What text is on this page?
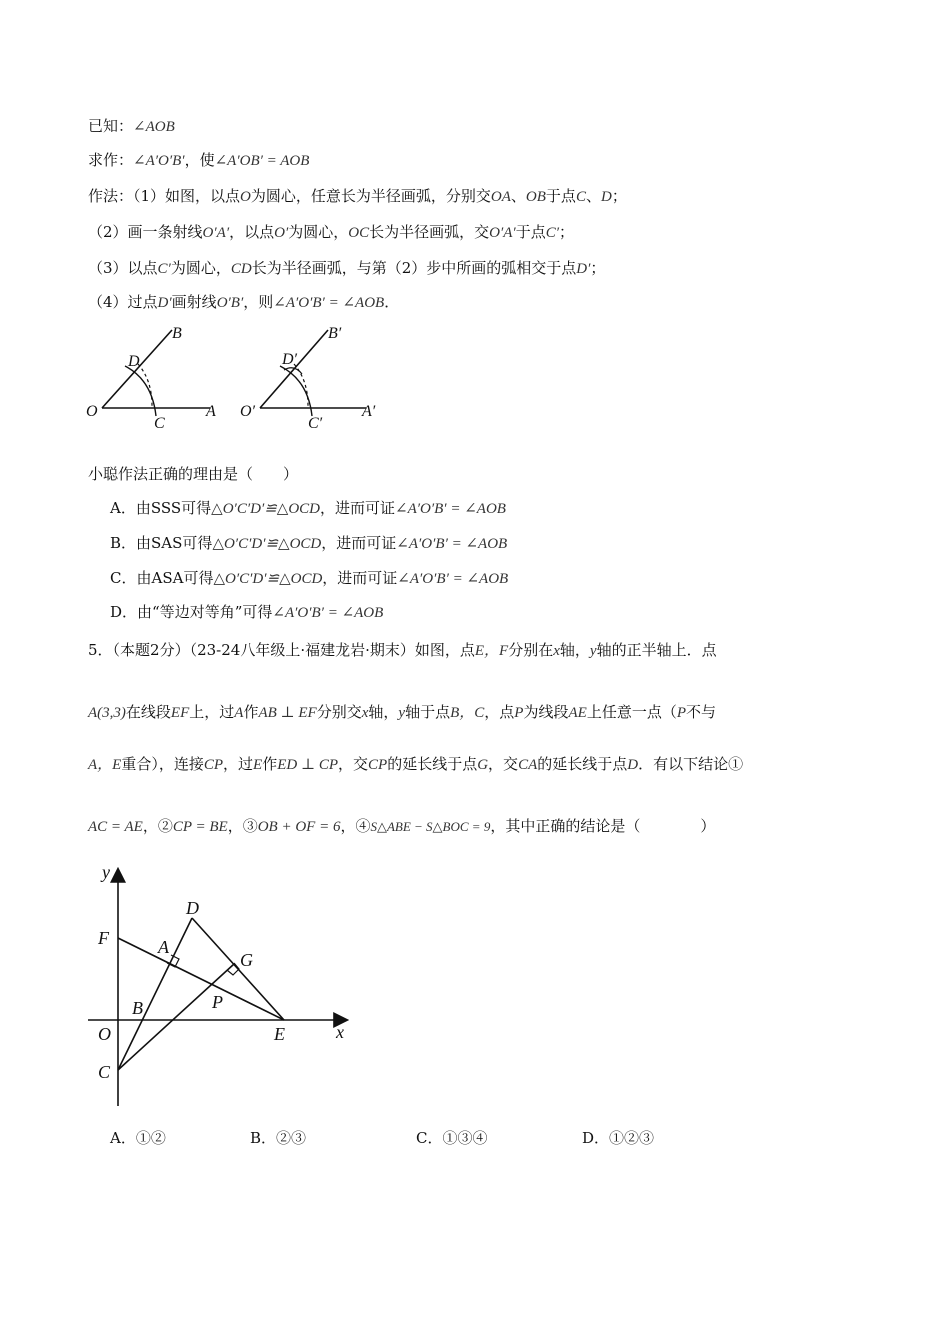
已知：∠AOB
求作：∠A′O′B′，使∠A′OB′ = AOB
作法：（1）如图，以点O为圆心，任意长为半径画弧，分别交OA、OB于点C、D；
（2）画一条射线O′A′，以点O′为圆心，OC长为半径画弧，交O′A′于点C′；
（3）以点C′为圆心，CD长为半径画弧，与第（2）步中所画的弧相交于点D′；
（4）过点D′画射线O′B′，则∠A′O′B′ = ∠AOB．
B
D
O
C
A
B′
D′
O′
C′
A′
小聪作法正确的理由是（　　）
A．由SSS可得△O′C′D′≌△OCD，进而可证∠A′O′B′ = ∠AOB
B．由SAS可得△O′C′D′≌△OCD，进而可证∠A′O′B′ = ∠AOB
C．由ASA可得△O′C′D′≌△OCD，进而可证∠A′O′B′ = ∠AOB
D．由“等边对等角”可得∠A′O′B′ = ∠AOB
5．（本题2分）（23-24八年级上·福建龙岩·期末）如图，点E，F分别在x轴，y轴的正半轴上．点
A(3,3)在线段EF上，过A作AB ⊥ EF分别交x轴，y轴于点B，C，点P为线段AE上任意一点（P不与
A，E重合），连接CP，过E作ED ⊥ CP，交CP的延长线于点G，交CA的延长线于点D．有以下结论①
AC = AE，②CP = BE，③OB + OF = 6，④S△ABE − S△BOC = 9，其中正确的结论是（　　　　）
y
x
D
F	A
G
B	P
O	E
C
A．①②	B．②③	C．①③④	D．①②③
